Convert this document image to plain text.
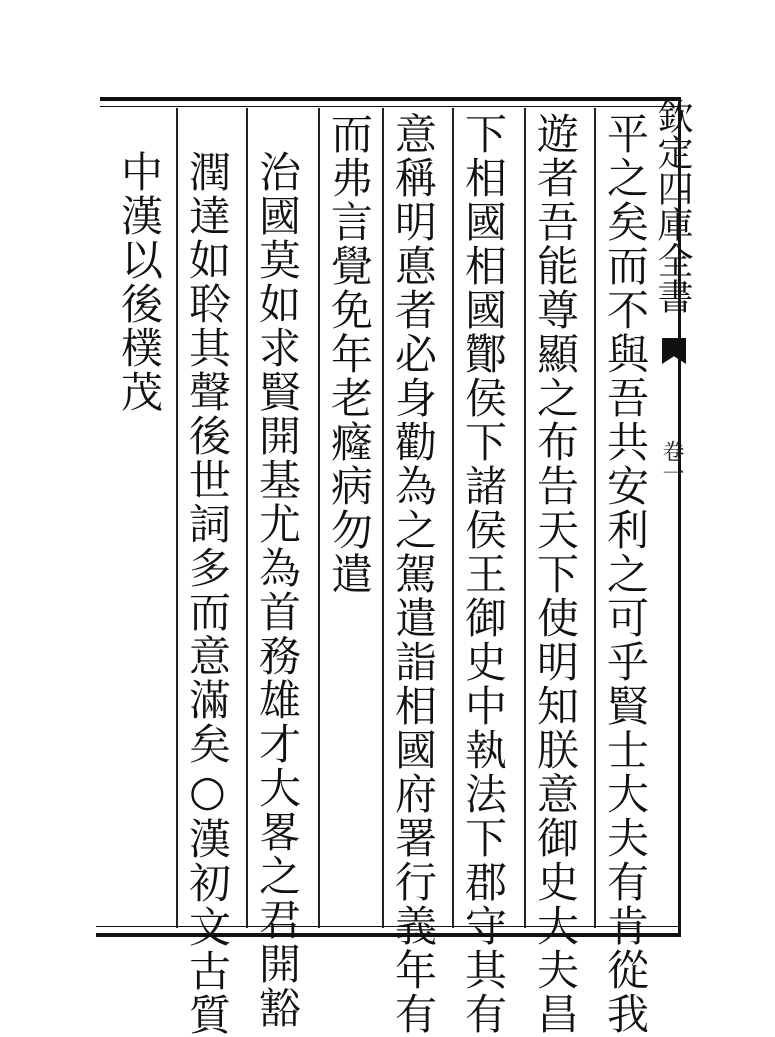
欽定四庫全書
卷一
平之矣而不與吾共安利之可乎賢士大夫有肯從我
遊者吾能尊顯之布告天下使明知朕意御史大夫昌
下相國相國酇侯下諸侯王御史中執法下郡守其有
意稱明悳者必身勸為之駕遣詣相國府署行義年有
而弗言覺免年老癃病勿遣
治國莫如求賢開基尤為首務雄才大畧之君開豁
潤達如聆其聲後世詞多而意滿矣○漢初文古質
中漢以後樸茂
